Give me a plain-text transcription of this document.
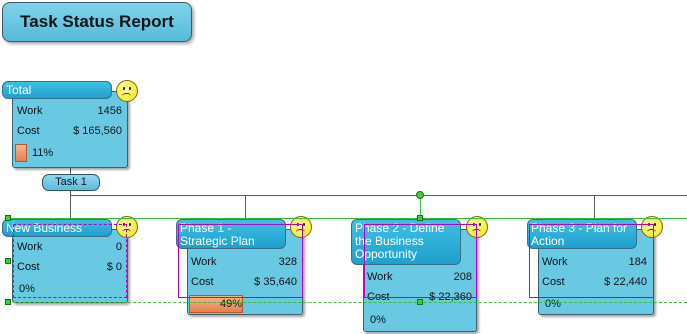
Task Status Report
Total
Work	1456
Cost	$ 165,560
11%
Task 1
New Business
Work	0
Cost	$ 0
0%
Phase 1 - Strategic Plan
Work	328
Cost	$ 35,640
49%
Phase 2 - Define the Business Opportunity
Work	208
Cost	$ 22,360
0%
Phase 3 - Plan for Action
Work	184
Cost	$ 22,440
0%
